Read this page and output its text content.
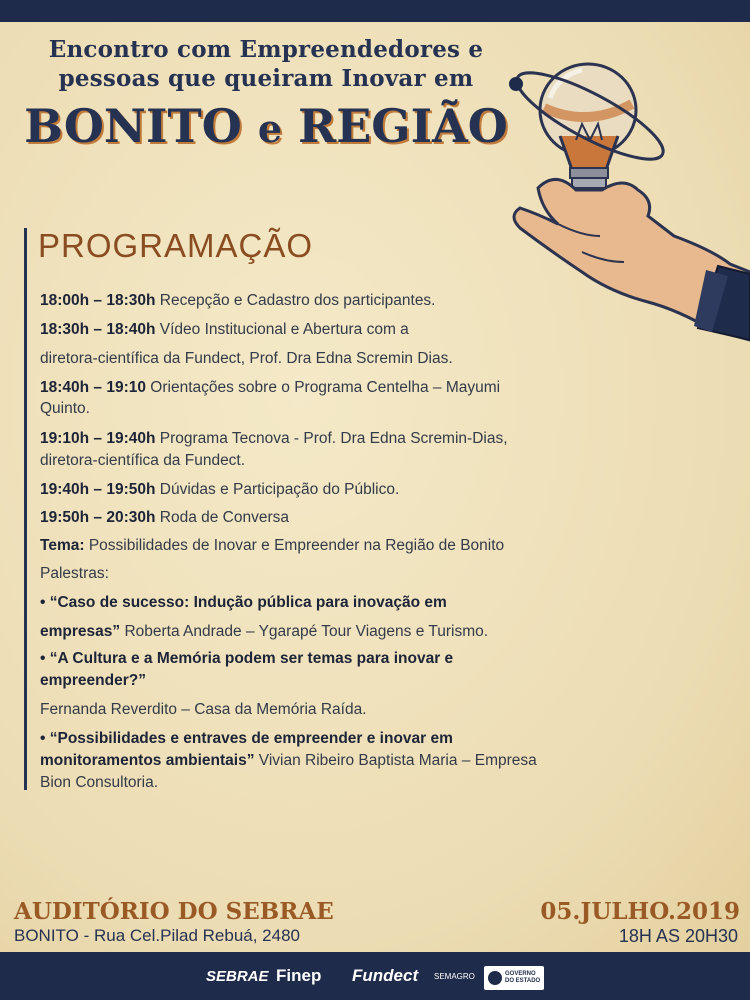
Encontro com Empreendedores e
pessoas que queiram Inovar em
BONITO e REGIÃO
PROGRAMAÇÃO
18:00h – 18:30h Recepção e Cadastro dos participantes.
18:30h – 18:40h Vídeo Institucional e Abertura com a
diretora-científica da Fundect, Prof. Dra Edna Scremin Dias.
18:40h – 19:10 Orientações sobre o Programa Centelha – Mayumi
Quinto.
19:10h – 19:40h Programa Tecnova - Prof. Dra Edna Scremin-Dias,
diretora-científica da Fundect.
19:40h – 19:50h Dúvidas e Participação do Público.
19:50h – 20:30h Roda de Conversa
Tema: Possibilidades de Inovar e Empreender na Região de Bonito
Palestras:
• “Caso de sucesso: Indução pública para inovação em
empresas” Roberta Andrade – Ygarapé Tour Viagens e Turismo.
• “A Cultura e a Memória podem ser temas para inovar e
empreender?”
Fernanda Reverdito – Casa da Memória Raída.
• “Possibilidades e entraves de empreender e inovar em
monitoramentos ambientais” Vivian Ribeiro Baptista Maria – Empresa
Bion Consultoria.
AUDITÓRIO DO SEBRAE
BONITO - Rua Cel.Pilad Rebuá, 2480
05.JULHO.2019
18H AS 20H30
SEBRAE Finep Fundect SEMAGRO	GOVERNO DO ESTADO
